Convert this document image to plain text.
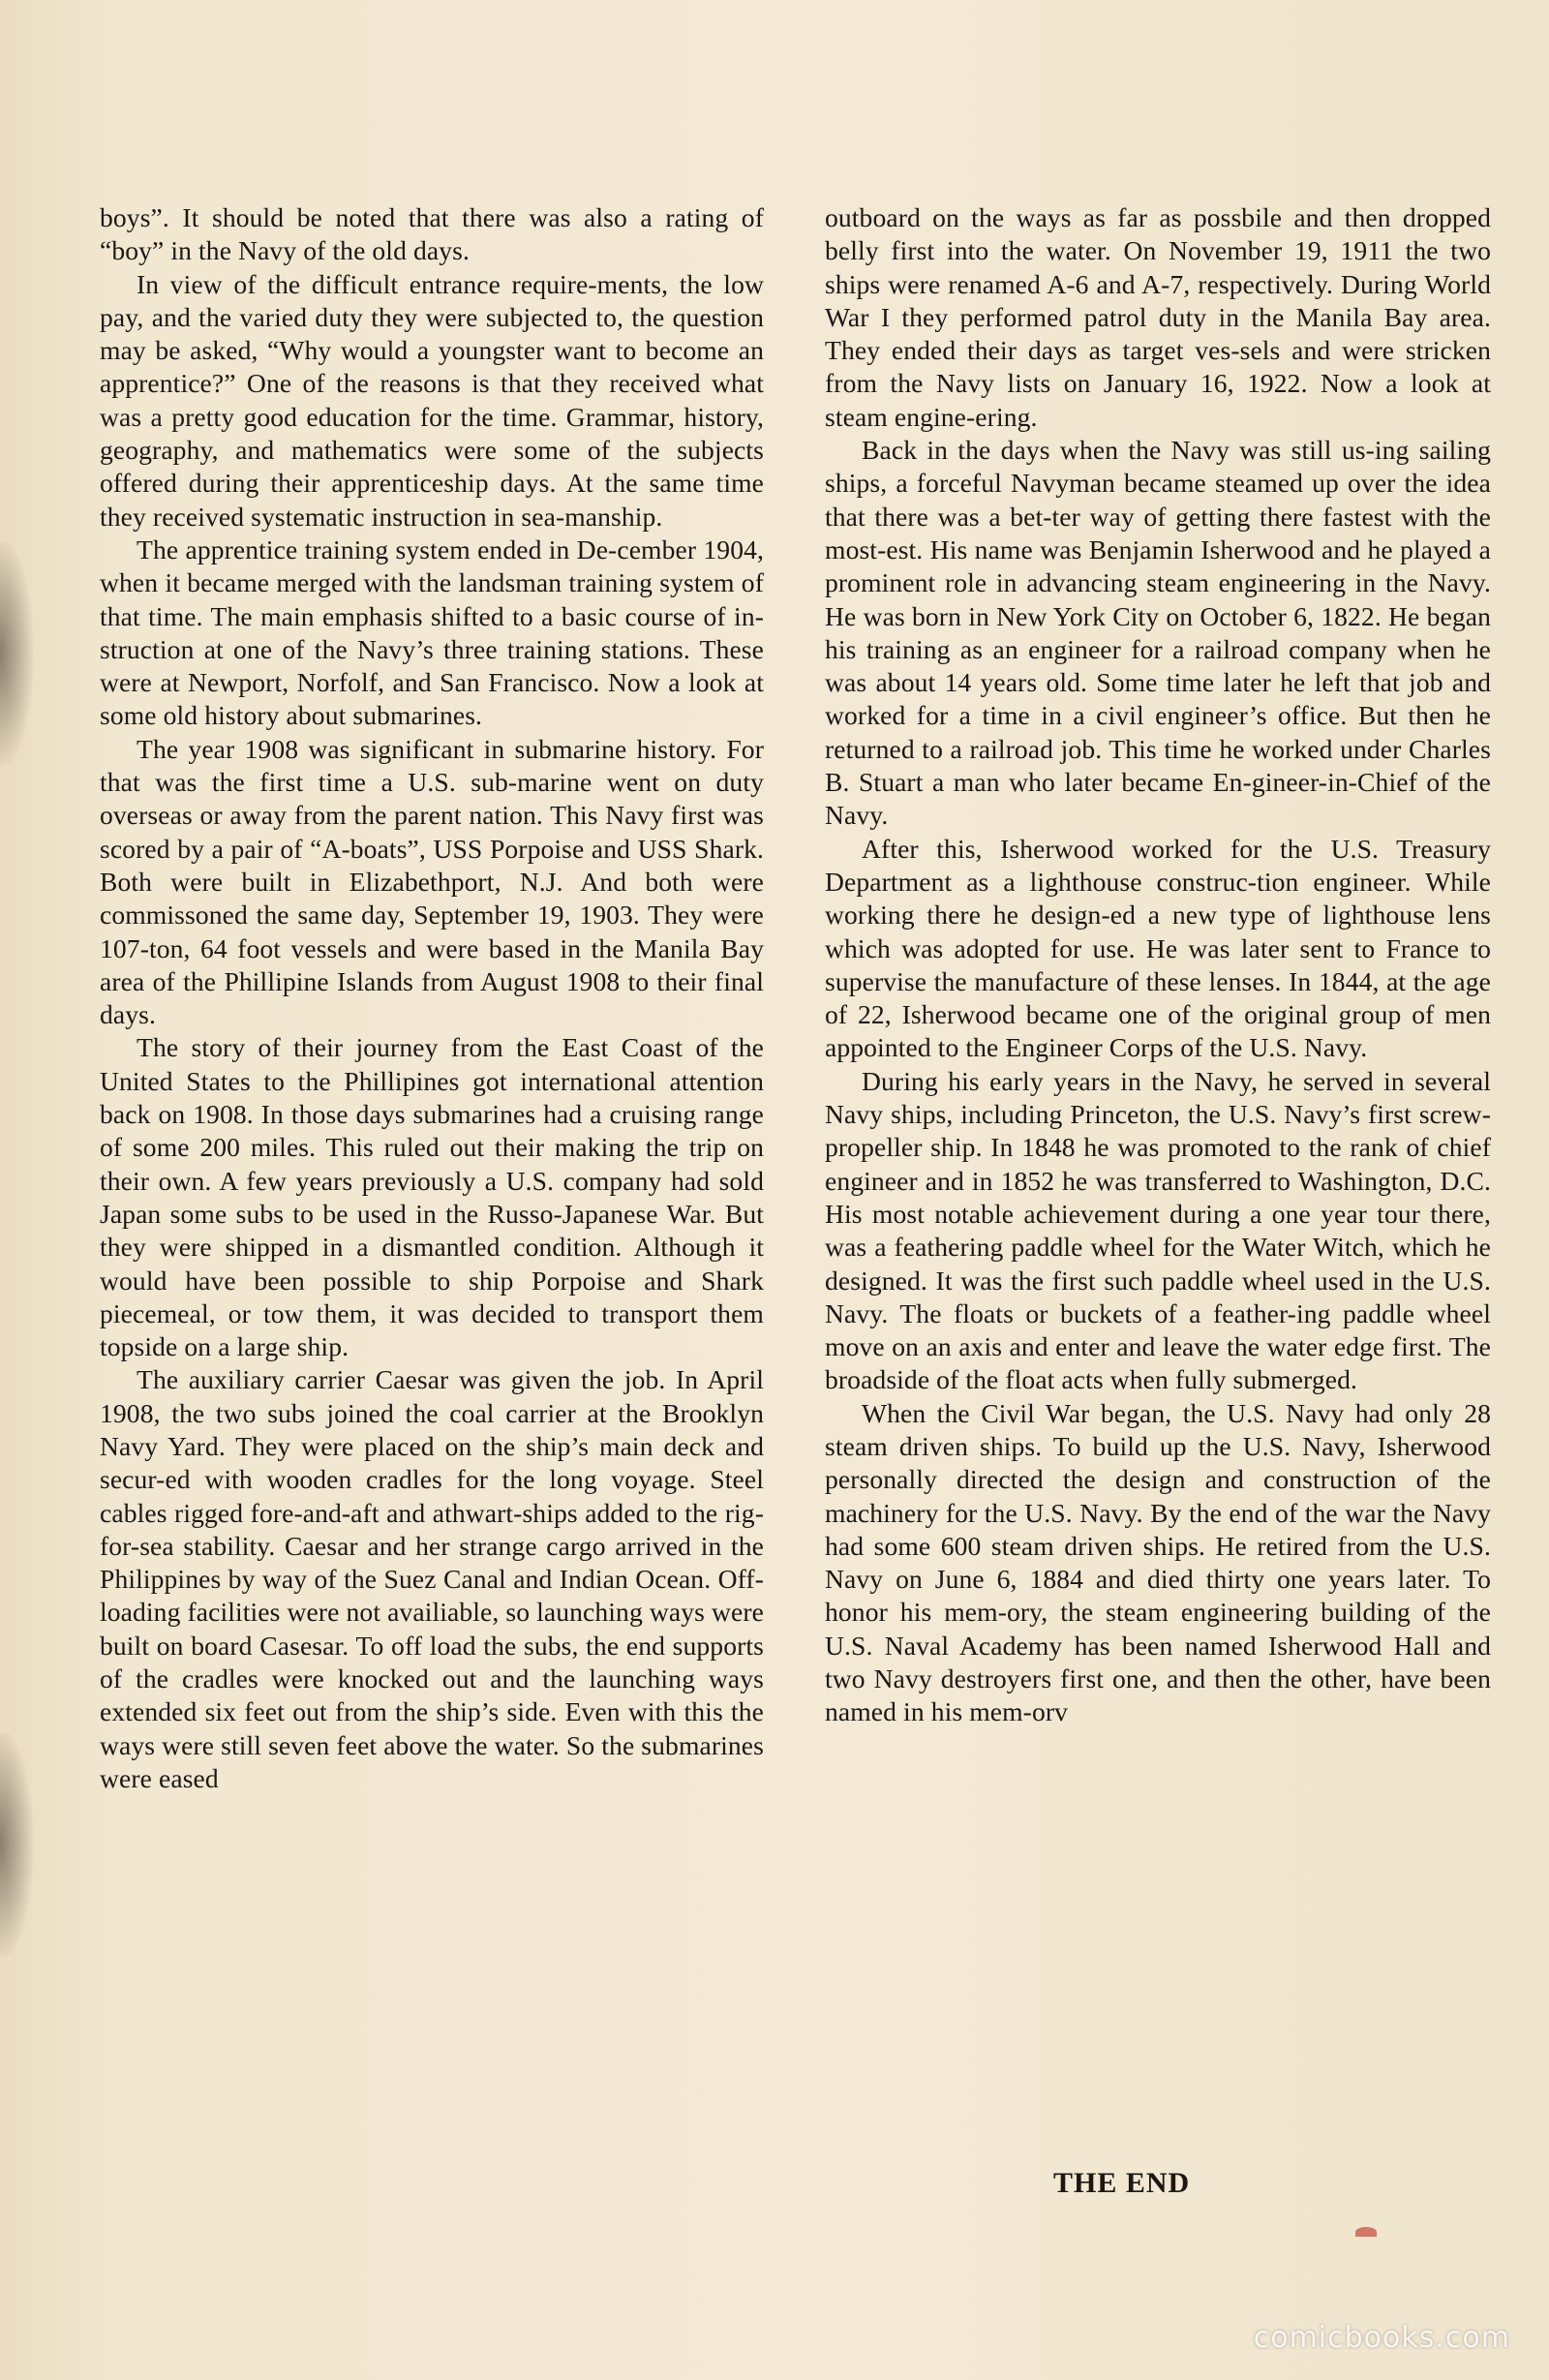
boys”. It should be noted that there was also a rating of “boy” in the Navy of the old days.

In view of the difficult entrance require-ments, the low pay, and the varied duty they were subjected to, the question may be asked, “Why would a youngster want to become an apprentice?” One of the reasons is that they received what was a pretty good education for the time. Grammar, history, geography, and mathematics were some of the subjects offered during their apprenticeship days. At the same time they received systematic instruction in sea-manship.

The apprentice training system ended in De-cember 1904, when it became merged with the landsman training system of that time. The main emphasis shifted to a basic course of in-struction at one of the Navy’s three training stations. These were at Newport, Norfolf, and San Francisco. Now a look at some old history about submarines.

The year 1908 was significant in submarine history. For that was the first time a U.S. sub-marine went on duty overseas or away from the parent nation. This Navy first was scored by a pair of “A-boats”, USS Porpoise and USS Shark. Both were built in Elizabethport, N.J. And both were commissoned the same day, September 19, 1903. They were 107-ton, 64 foot vessels and were based in the Manila Bay area of the Phillipine Islands from August 1908 to their final days.

The story of their journey from the East Coast of the United States to the Phillipines got international attention back on 1908. In those days submarines had a cruising range of some 200 miles. This ruled out their making the trip on their own. A few years previously a U.S. company had sold Japan some subs to be used in the Russo-Japanese War. But they were shipped in a dismantled condition. Although it would have been possible to ship Porpoise and Shark piecemeal, or tow them, it was decided to transport them topside on a large ship.

The auxiliary carrier Caesar was given the job. In April 1908, the two subs joined the coal carrier at the Brooklyn Navy Yard. They were placed on the ship’s main deck and secur-ed with wooden cradles for the long voyage. Steel cables rigged fore-and-aft and athwart-ships added to the rig-for-sea stability. Caesar and her strange cargo arrived in the Philippines by way of the Suez Canal and Indian Ocean. Off-loading facilities were not availiable, so launching ways were built on board Casesar. To off load the subs, the end supports of the cradles were knocked out and the launching ways extended six feet out from the ship’s side. Even with this the ways were still seven feet above the water. So the submarines were eased

outboard on the ways as far as possbile and then dropped belly first into the water. On November 19, 1911 the two ships were renamed A-6 and A-7, respectively. During World War I they performed patrol duty in the Manila Bay area. They ended their days as target ves-sels and were stricken from the Navy lists on January 16, 1922. Now a look at steam engine-ering.

Back in the days when the Navy was still us-ing sailing ships, a forceful Navyman became steamed up over the idea that there was a bet-ter way of getting there fastest with the most-est. His name was Benjamin Isherwood and he played a prominent role in advancing steam engineering in the Navy. He was born in New York City on October 6, 1822. He began his training as an engineer for a railroad company when he was about 14 years old. Some time later he left that job and worked for a time in a civil engineer’s office. But then he returned to a railroad job. This time he worked under Charles B. Stuart a man who later became En-gineer-in-Chief of the Navy.

After this, Isherwood worked for the U.S. Treasury Department as a lighthouse construc-tion engineer. While working there he design-ed a new type of lighthouse lens which was adopted for use. He was later sent to France to supervise the manufacture of these lenses. In 1844, at the age of 22, Isherwood became one of the original group of men appointed to the Engineer Corps of the U.S. Navy.

During his early years in the Navy, he served in several Navy ships, including Princeton, the U.S. Navy’s first screw-propeller ship. In 1848 he was promoted to the rank of chief engineer and in 1852 he was transferred to Washington, D.C. His most notable achievement during a one year tour there, was a feathering paddle wheel for the Water Witch, which he designed. It was the first such paddle wheel used in the U.S. Navy. The floats or buckets of a feather-ing paddle wheel move on an axis and enter and leave the water edge first. The broadside of the float acts when fully submerged.

When the Civil War began, the U.S. Navy had only 28 steam driven ships. To build up the U.S. Navy, Isherwood personally directed the design and construction of the machinery for the U.S. Navy. By the end of the war the Navy had some 600 steam driven ships. He retired from the U.S. Navy on June 6, 1884 and died thirty one years later. To honor his mem-ory, the steam engineering building of the U.S. Naval Academy has been named Isherwood Hall and two Navy destroyers first one, and then the other, have been named in his mem-orv

THE END
comicbooks.com
